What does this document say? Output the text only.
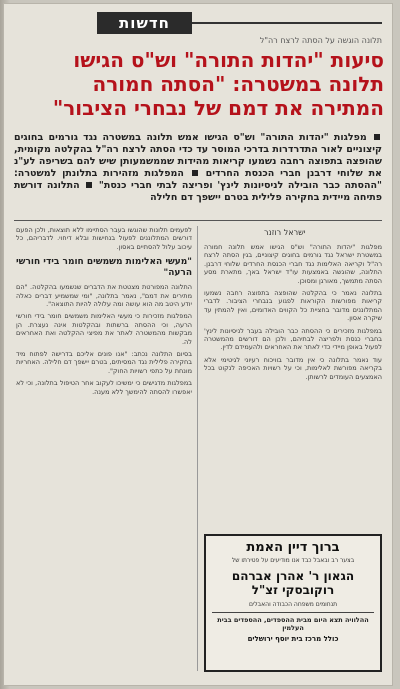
חדשות
תלונה הוגשה על הסתה לרצח רה"ל
סיעות "יהדות התורה" וש"ס הגישו
תלונה במשטרה: "הסתה חמורה
המתירה את דמם של נבחרי הציבור"
מפלגות "יהדות התורה" וש"ס הגישו אמש תלונה במשטרה נגד גורמים בחוגים קיצוניים לאור התדרדרות בדרכי המוסר עד כדי הסתה לרצח רה"ל בהקלטה מקומית, שהופצה בתפוצה רחבה נשמעו קריאות מהידות שממשמעותן שיש להם בשריפה לע"נ את שלוחי דרבנן חברי הכנסת החרדים  המפלגות מזהירות בתלונתן למשטרה: "ההסתה כבר הובילה לניסיונות לינץ' ופריצה לבתי חברי כנסת"  התלונה דורשת פתיחה מיידית בחקירה פלילית בטרם יישפך דם חלילה
ישראל רוזנר

מפלגות "יהדות התורה" וש"ס הגישו אמש תלונה חמורה במשטרת ישראל נגד גורמים בחוגים קיצוניים, בגין הסתה לרצח רה"ל וקריאה האלימות נגד חברי הכנסת החרדים שלוחי דרבנן. התלונה, שהוגשה באמצעות עו"ד ישראל באך, מתארת מסע הסתה מתמשך, מאורגן ומסוכן.

בתלונה נאמר כי בהקלטה שהופצה בתפוצה רחבה נשמעו קריאות מפורשות הקוראות לפגוע בנבחרי הציבור. לדברי המתלוננים מדובר בחציית כל הקווים האדומים, ואין להמתין עד שיקרה אסון.

במפלגות מזכירים כי ההסתה כבר הובילה בעבר לניסיונות לינץ' בחברי כנסת ולפריצה לבתיהם, ולכן הם דורשים מהמשטרה לפעול באופן מיידי כדי לאתר את האחראים ולהעמידם לדין.

עוד נאמר בתלונה כי אין מדובר בוויכוח רעיוני לגיטימי אלא בקריאה מפורשת לאלימות, וכי על רשויות האכיפה לנקוט בכל האמצעים העומדים לרשותן.

לפעמים תלונות שהוגשו בעבר הסתיימו ללא תוצאות, ולכן הפעם דורשים המתלוננים לפעול בנחישות ובלא דיחוי. לדבריהם, כל עיכוב עלול להסתיים באסון.

"מעשי האלימות משמשים חומר בידי חורשי הרעה"

התלונה המפורטת מצטטת את הדברים שנשמעו בהקלטה. "הם מתירים את דמם", נאמר בתלונה, "ומי שמשמיע דברים כאלה יודע היטב מה הוא עושה ומה עלולה להיות התוצאה".

המפלגות מזכירות כי מעשי האלימות משמשים חומר בידי חורשי הרעה, וכי ההסתה ברשתות ובהקלטות אינה נעצרת. הן מבקשות מהמשטרה לאתר את מפיצי ההקלטה ואת האחראים לה.

בסיום התלונה נכתב: "אנו פונים אליכם בדרישה לפתוח מיד בחקירה פלילית נגד המסיתים, בטרם יישפך דם חלילה. האחריות מונחת על כתפי רשויות החוק".

במפלגות מדגישים כי ימשיכו לעקוב אחר הטיפול בתלונה, וכי לא יאפשרו להסתה להימשך ללא מענה.

ברוך דיין האמת
בצער רב ובאבל כבד אנו מודיעים על פטירתו של
הגאון ר' אהרן אברהם רוקובסקי זצ"ל
תנחומים משפחה הכבודה והאבלים
ההלוויה תצא היום מבית ההספדים, ההספדים בבית העלמין
כולל מרכז בית יוסף ירושלים
